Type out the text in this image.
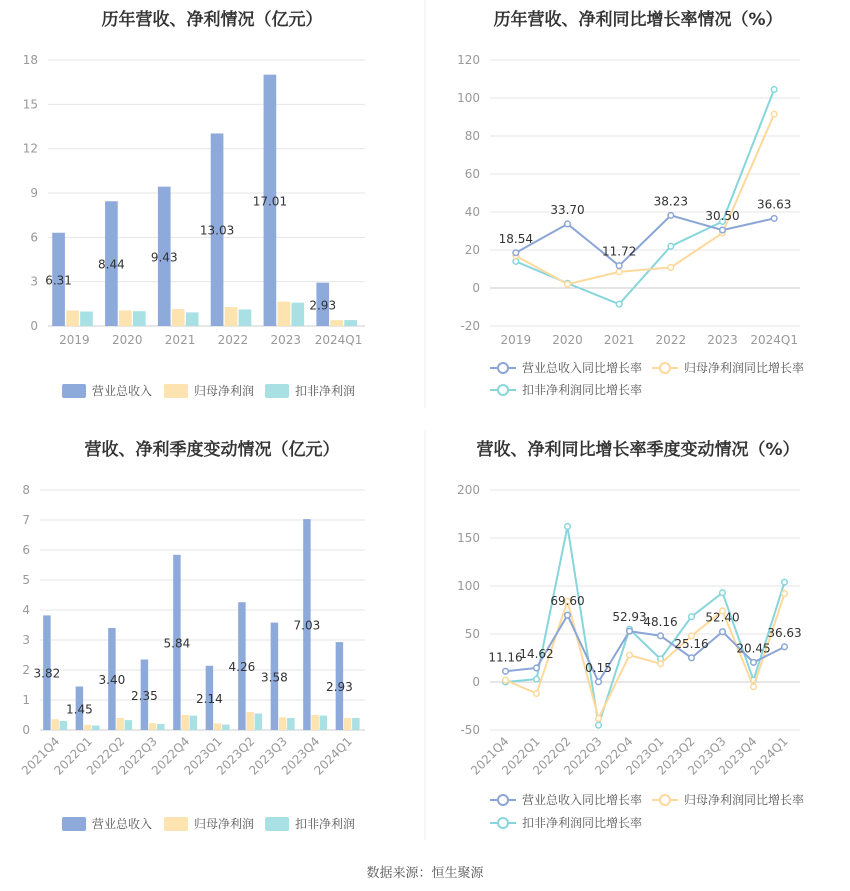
历年营收、净利情况（亿元）
0
3
6
9
12
15
18
2019 2020 2021 2022 2023 2024Q1
6.31
8.44
9.43
13.03
17.01
2.93
营业总收入	归母净利润	扣非净利润
历年营收、净利同比增长率情况（%）
-20
0
20
40
60
80
100
120
2019 2020 2021 2022 2023 2024Q1
18.54
33.70
11.72
38.23
30.50
36.63
营业总收入同比增长率	归母净利润同比增长率
扣非净利润同比增长率
营收、净利季度变动情况（亿元）
0
1
2
3
4
5
6
7
8
2021Q4
2022Q1
2022Q2
2022Q3
2022Q4
2023Q1
2023Q2
2023Q3
2023Q4
2024Q1
3.82
1.45
3.40
2.35
5.84
2.14
4.26
3.58
7.03
2.93
营业总收入	归母净利润	扣非净利润
营收、净利同比增长率季度变动情况（%）
-50
0
50
100
150
200
2021Q4
2022Q1
2022Q2
2022Q3
2022Q4
2023Q1
2023Q2
2023Q3
2023Q4
2024Q1
11.16
14.62
69.60
0.15
52.93
48.16
25.16
52.40
20.45
36.63
营业总收入同比增长率	归母净利润同比增长率
扣非净利润同比增长率
数据来源：恒生聚源
